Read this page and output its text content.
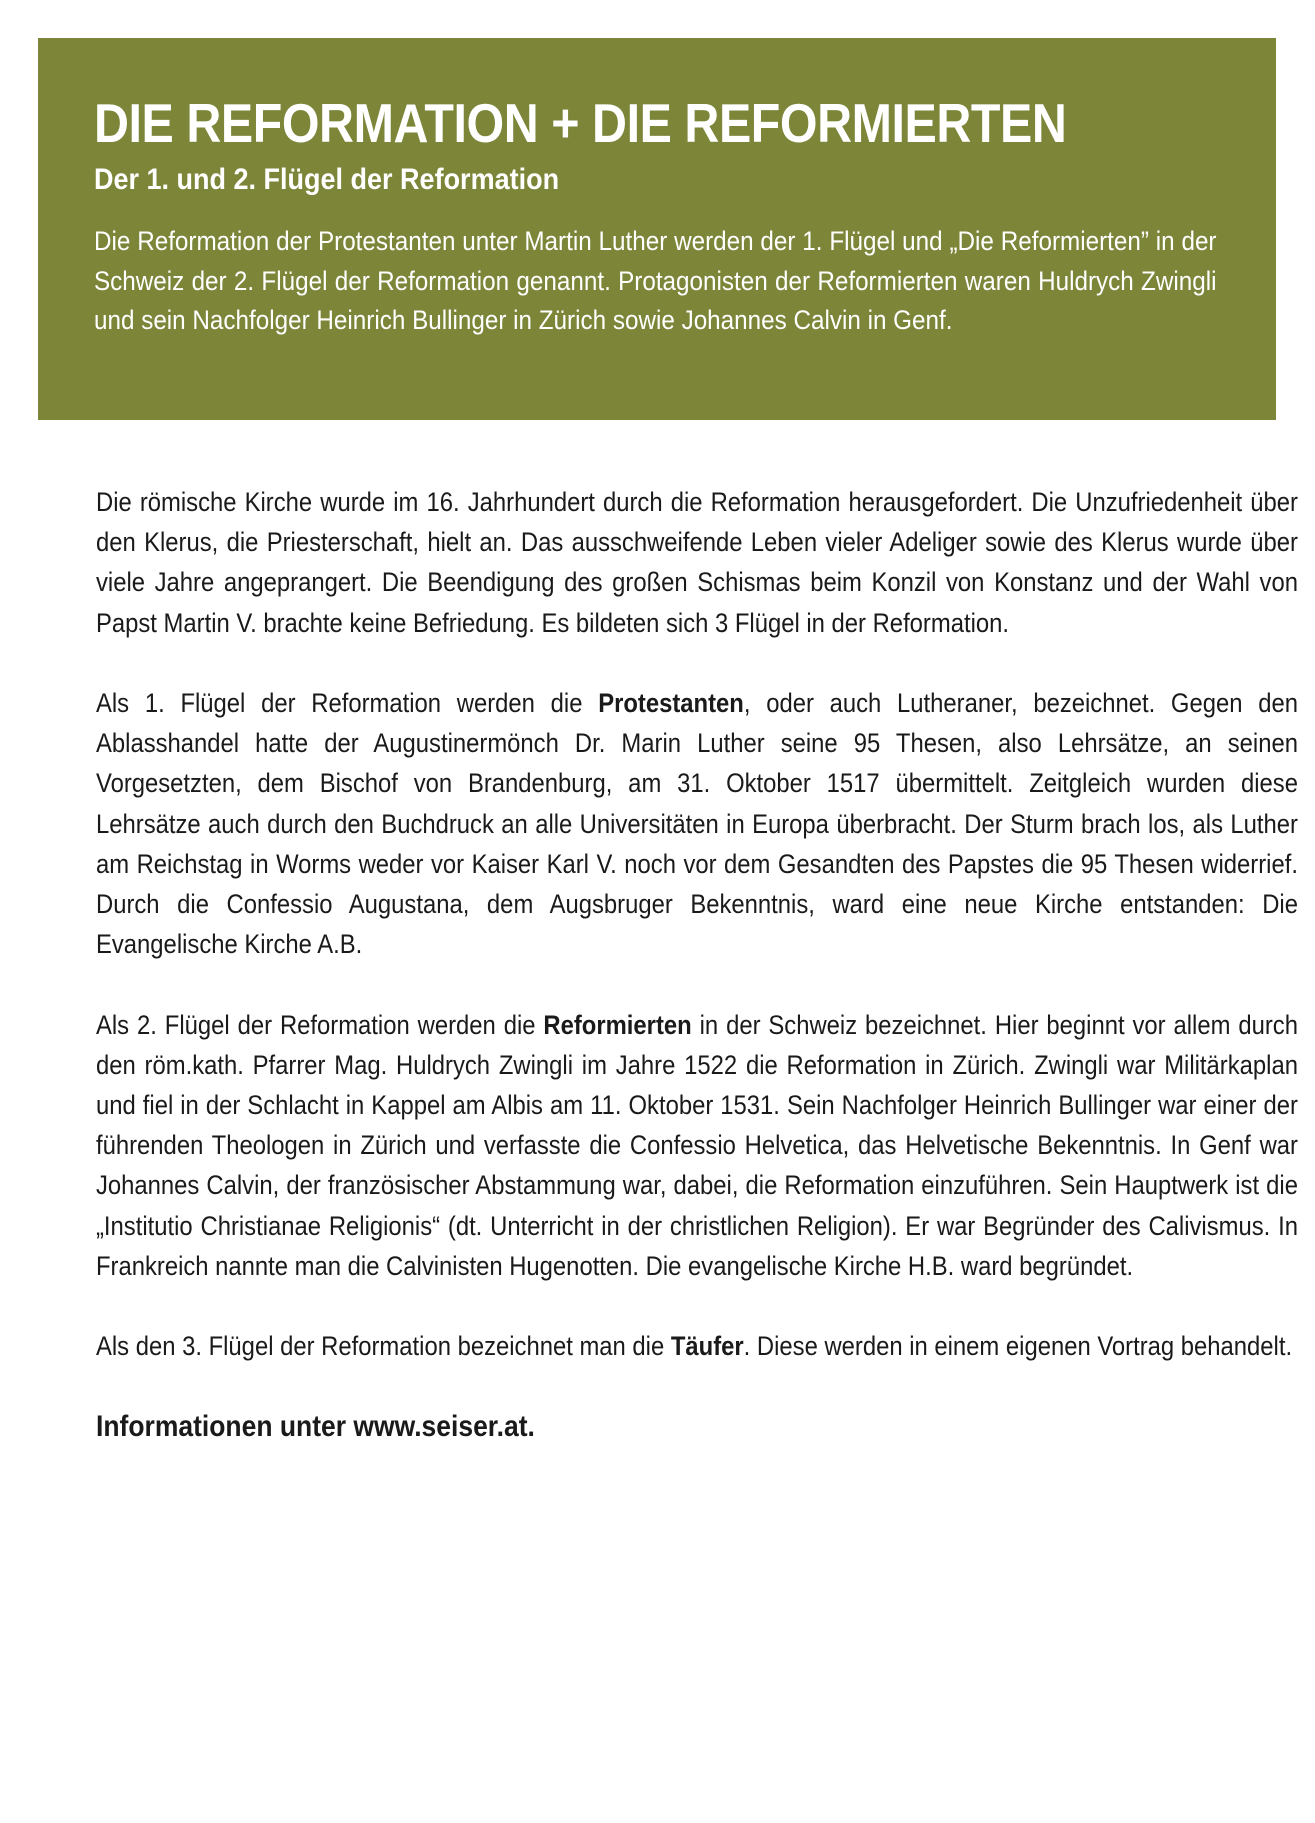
DIE REFORMATION + DIE REFORMIERTEN
Der 1. und 2. Flügel der Reformation

Die Reformation der Protestanten unter Martin Luther werden der 1. Flügel und „Die Reformierten” in der Schweiz der 2. Flügel der Reformation genannt. Protagonisten der Reformierten waren Huldrych Zwingli und sein Nachfolger Heinrich Bullinger in Zürich sowie Johannes Calvin in Genf.

Die römische Kirche wurde im 16. Jahrhundert durch die Reformation herausgefordert. Die Unzufriedenheit über den Klerus, die Priesterschaft, hielt an. Das ausschweifende Leben vieler Adeliger sowie des Klerus wurde über viele Jahre angeprangert. Die Beendigung des großen Schismas beim Konzil von Konstanz und der Wahl von Papst Martin V. brachte keine Befriedung. Es bildeten sich 3 Flügel in der Reformation.

Als 1. Flügel der Reformation werden die Protestanten, oder auch Lutheraner, bezeichnet. Gegen den Ablasshandel hatte der Augustinermönch Dr. Marin Luther seine 95 Thesen, also Lehrsätze, an seinen Vorgesetzten, dem Bischof von Brandenburg, am 31. Oktober 1517 übermittelt. Zeitgleich wurden diese Lehrsätze auch durch den Buchdruck an alle Universitäten in Europa überbracht. Der Sturm brach los, als Luther am Reichstag in Worms weder vor Kaiser Karl V. noch vor dem Gesandten des Papstes die 95 Thesen widerrief. Durch die Confessio Augustana, dem Augsbruger Bekenntnis, ward eine neue Kirche entstanden: Die Evangelische Kirche A.B.

Als 2. Flügel der Reformation werden die Reformierten in der Schweiz bezeichnet. Hier beginnt vor allem durch den röm.kath. Pfarrer Mag. Huldrych Zwingli im Jahre 1522 die Reformation in Zürich. Zwingli war Militärkaplan und fiel in der Schlacht in Kappel am Albis am 11. Oktober 1531. Sein Nachfolger Heinrich Bullinger war einer der führenden Theologen in Zürich und verfasste die Confessio Helvetica, das Helvetische Bekenntnis. In Genf war Johannes Calvin, der französischer Abstammung war, dabei, die Reformation einzuführen. Sein Hauptwerk ist die „Institutio Christianae Religionis“ (dt. Unterricht in der christlichen Religion). Er war Begründer des Calivismus. In Frankreich nannte man die Calvinisten Hugenotten. Die evangelische Kirche H.B. ward begründet.

Als den 3. Flügel der Reformation bezeichnet man die Täufer. Diese werden in einem eigenen Vortrag behandelt.

Informationen unter www.seiser.at.
